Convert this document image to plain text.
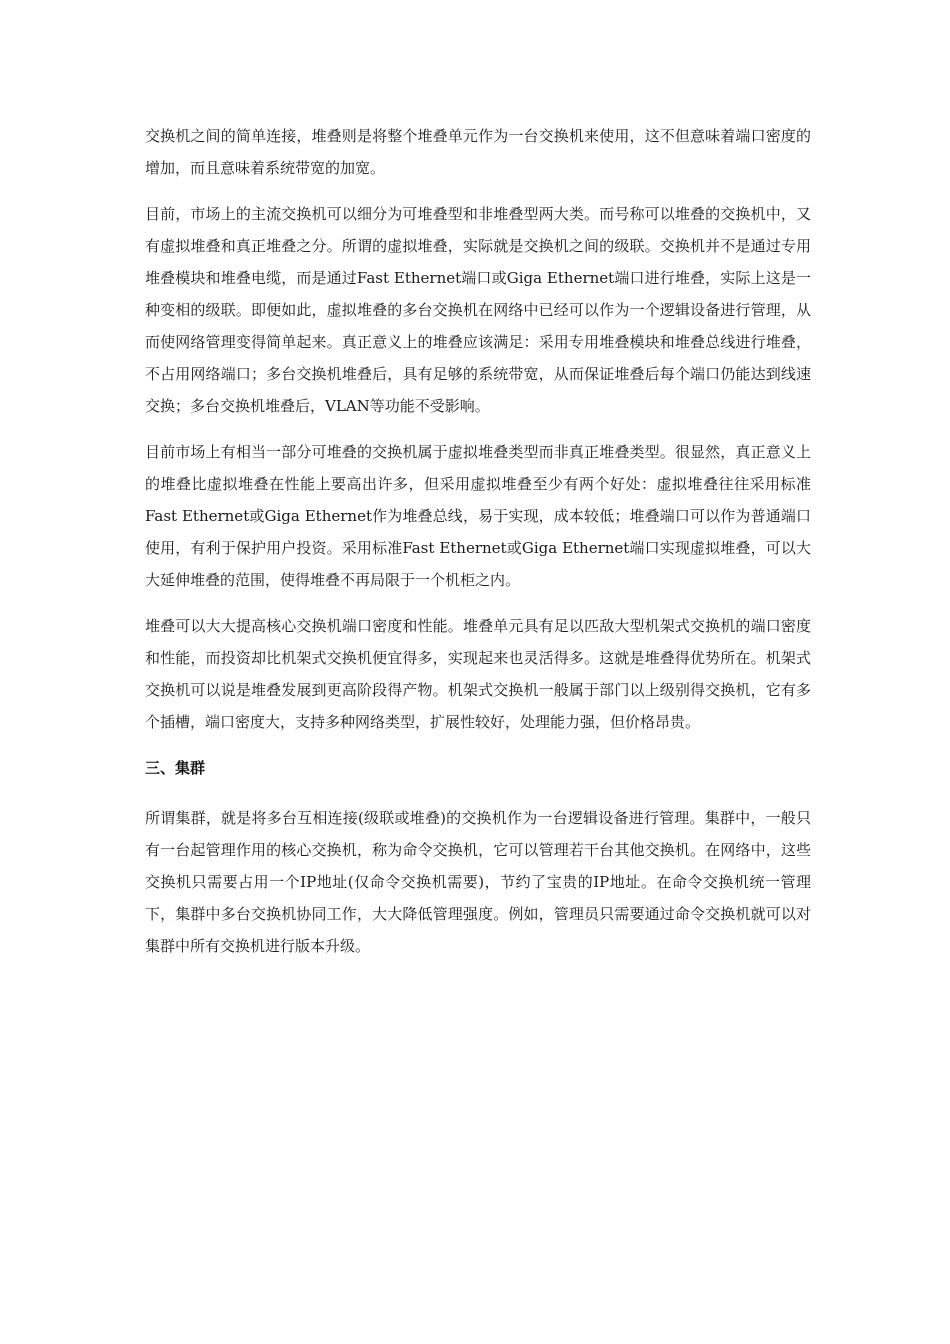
交换机之间的简单连接，堆叠则是将整个堆叠单元作为一台交换机来使用，这不但意味着端口密度的增加，而且意味着系统带宽的加宽。

目前，市场上的主流交换机可以细分为可堆叠型和非堆叠型两大类。而号称可以堆叠的交换机中，又有虚拟堆叠和真正堆叠之分。所谓的虚拟堆叠，实际就是交换机之间的级联。交换机并不是通过专用堆叠模块和堆叠电缆，而是通过Fast Ethernet端口或Giga Ethernet端口进行堆叠，实际上这是一种变相的级联。即便如此，虚拟堆叠的多台交换机在网络中已经可以作为一个逻辑设备进行管理，从而使网络管理变得简单起来。真正意义上的堆叠应该满足：采用专用堆叠模块和堆叠总线进行堆叠，不占用网络端口；多台交换机堆叠后，具有足够的系统带宽，从而保证堆叠后每个端口仍能达到线速交换；多台交换机堆叠后，VLAN等功能不受影响。

目前市场上有相当一部分可堆叠的交换机属于虚拟堆叠类型而非真正堆叠类型。很显然，真正意义上的堆叠比虚拟堆叠在性能上要高出许多，但采用虚拟堆叠至少有两个好处：虚拟堆叠往往采用标准Fast Ethernet或Giga Ethernet作为堆叠总线，易于实现，成本较低；堆叠端口可以作为普通端口使用，有利于保护用户投资。采用标准Fast Ethernet或Giga Ethernet端口实现虚拟堆叠，可以大大延伸堆叠的范围，使得堆叠不再局限于一个机柜之内。

堆叠可以大大提高核心交换机端口密度和性能。堆叠单元具有足以匹敌大型机架式交换机的端口密度和性能，而投资却比机架式交换机便宜得多，实现起来也灵活得多。这就是堆叠得优势所在。机架式交换机可以说是堆叠发展到更高阶段得产物。机架式交换机一般属于部门以上级别得交换机，它有多个插槽，端口密度大，支持多种网络类型，扩展性较好，处理能力强，但价格昂贵。

三、集群

所谓集群，就是将多台互相连接(级联或堆叠)的交换机作为一台逻辑设备进行管理。集群中，一般只有一台起管理作用的核心交换机，称为命令交换机，它可以管理若干台其他交换机。在网络中，这些交换机只需要占用一个IP地址(仅命令交换机需要)，节约了宝贵的IP地址。在命令交换机统一管理下，集群中多台交换机协同工作，大大降低管理强度。例如，管理员只需要通过命令交换机就可以对集群中所有交换机进行版本升级。
